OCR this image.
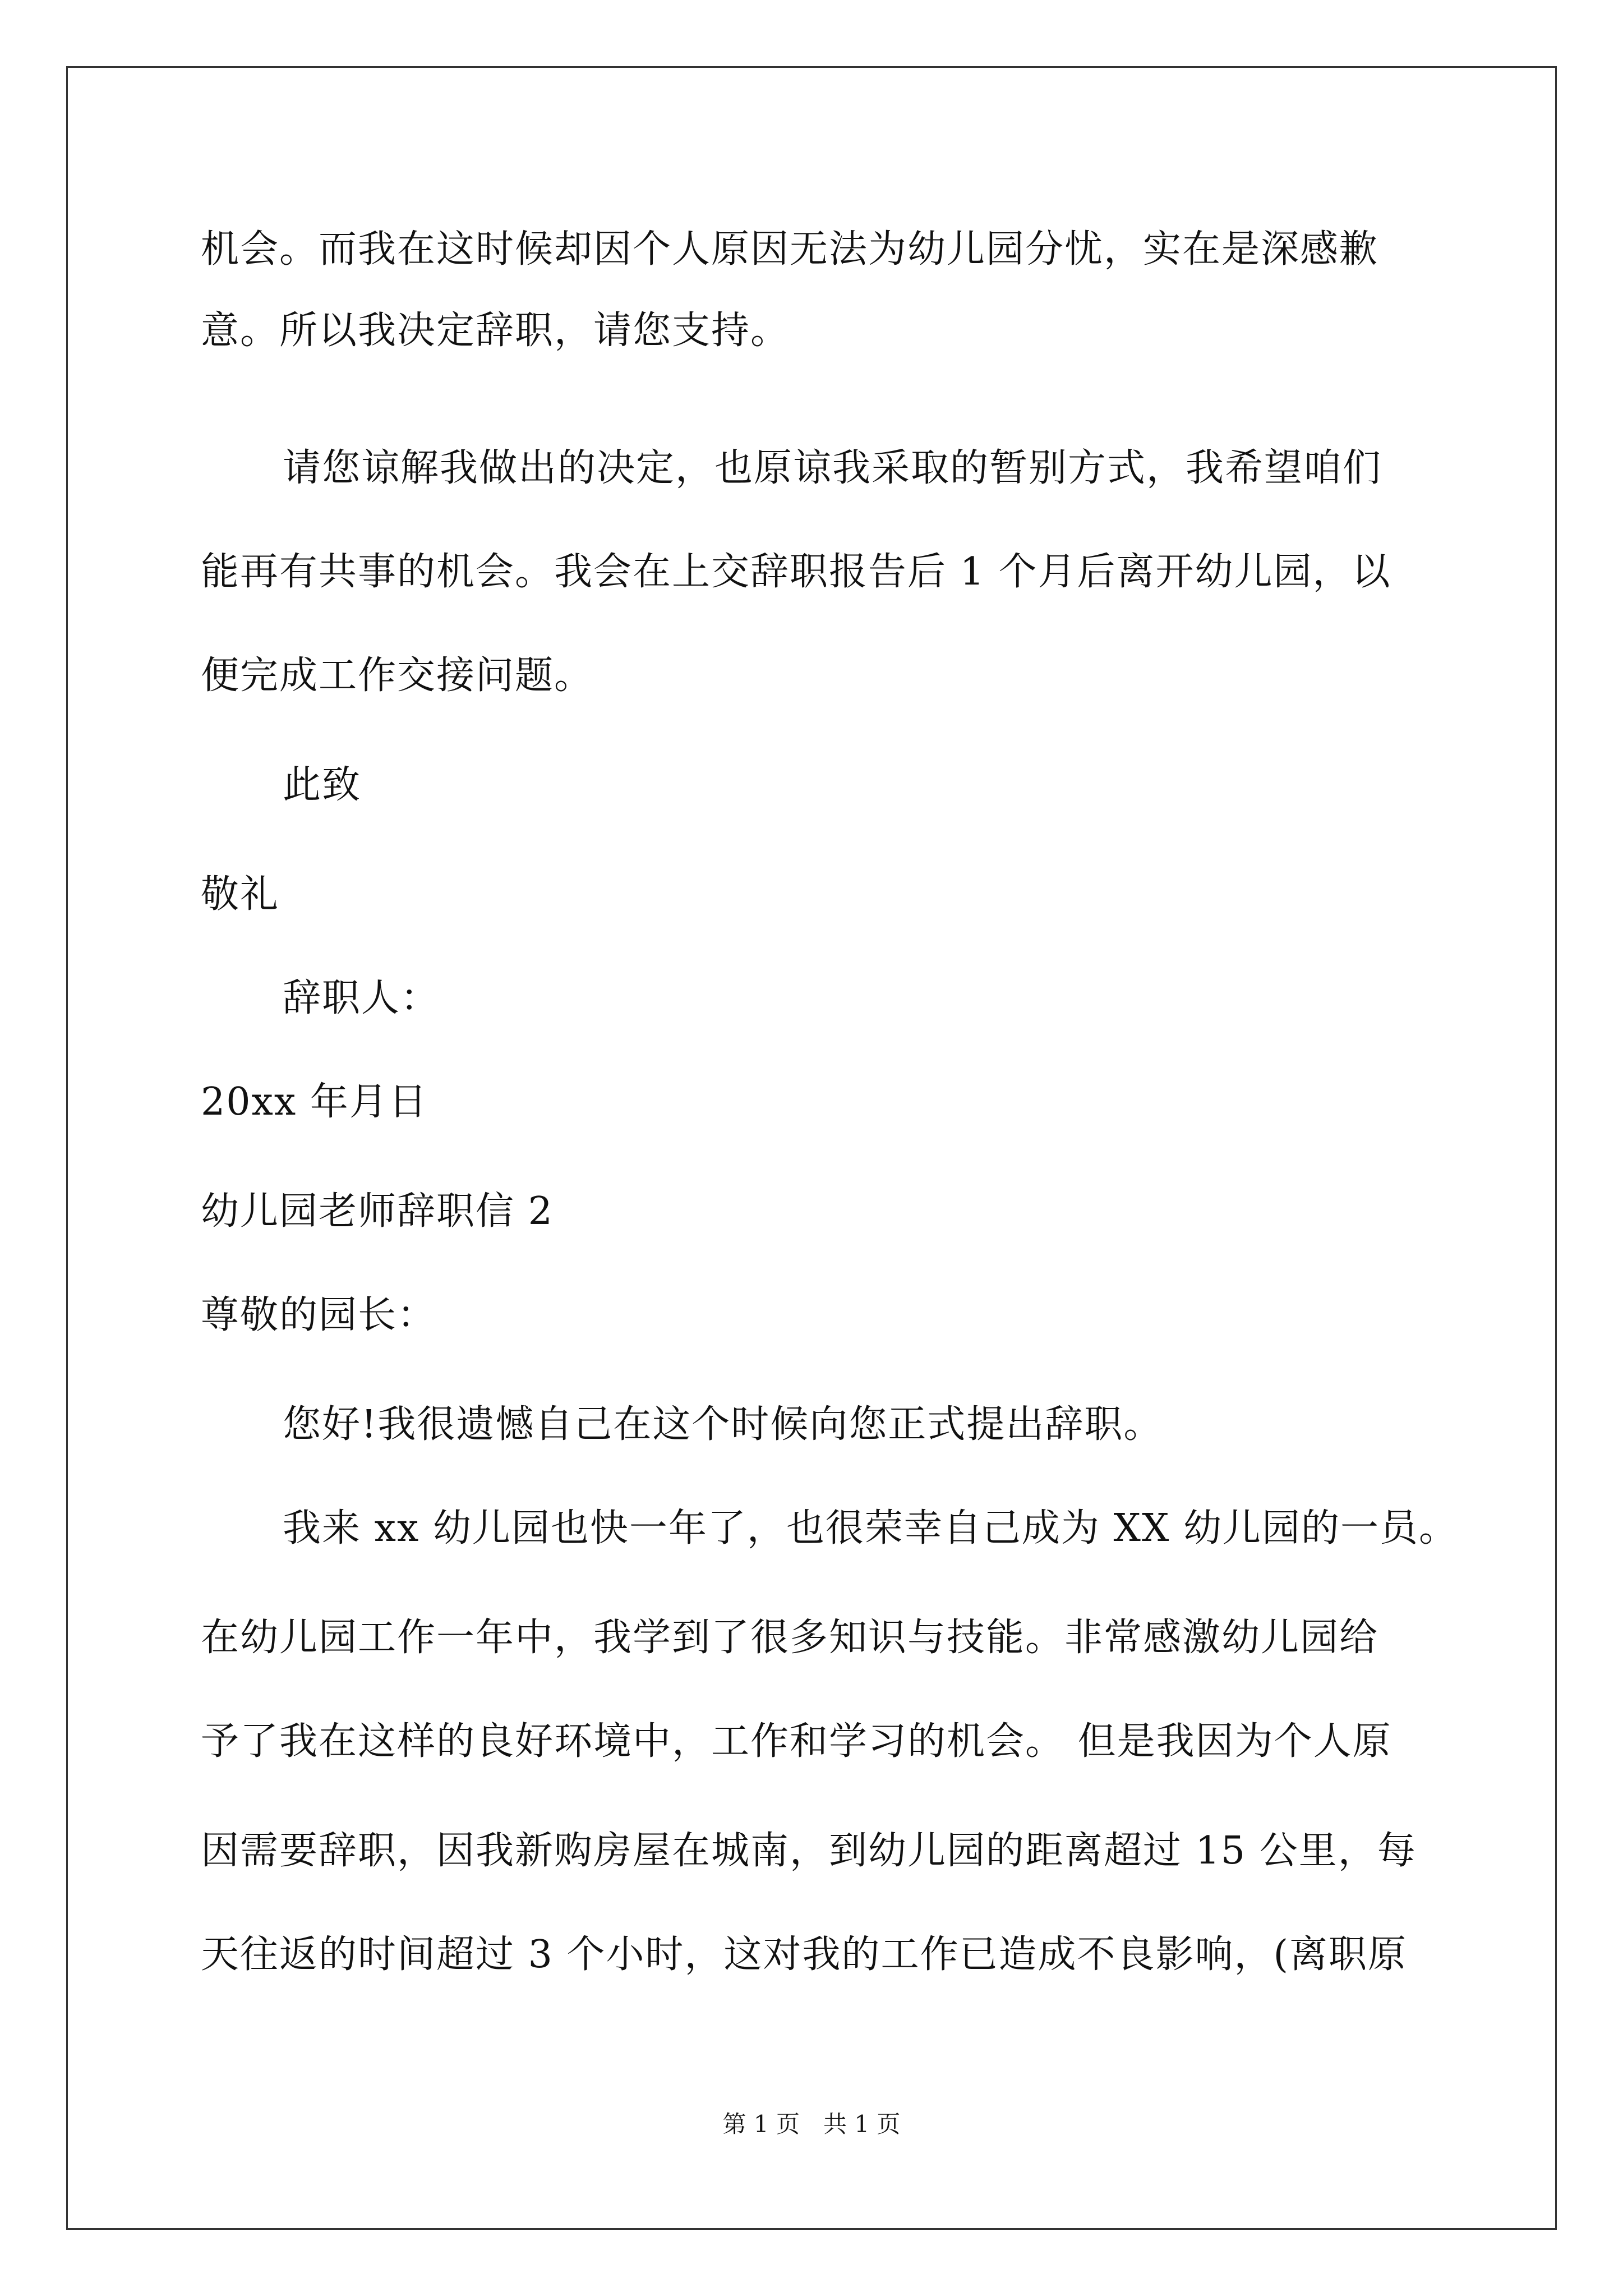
机会。而我在这时候却因个人原因无法为幼儿园分忧，实在是深感歉
意。所以我决定辞职，请您支持。
请您谅解我做出的决定，也原谅我采取的暂别方式，我希望咱们
能再有共事的机会。我会在上交辞职报告后 1 个月后离开幼儿园，以
便完成工作交接问题。
此致
敬礼
辞职人：
20xx 年月日
幼儿园老师辞职信 2
尊敬的园长：
您好!我很遗憾自己在这个时候向您正式提出辞职。
我来 xx 幼儿园也快一年了，也很荣幸自己成为 XX 幼儿园的一员。
在幼儿园工作一年中，我学到了很多知识与技能。非常感激幼儿园给
予了我在这样的良好环境中，工作和学习的机会。 但是我因为个人原
因需要辞职，因我新购房屋在城南，到幼儿园的距离超过 15 公里，每
天往返的时间超过 3 个小时，这对我的工作已造成不良影响，(离职原
第 1 页　共 1 页
